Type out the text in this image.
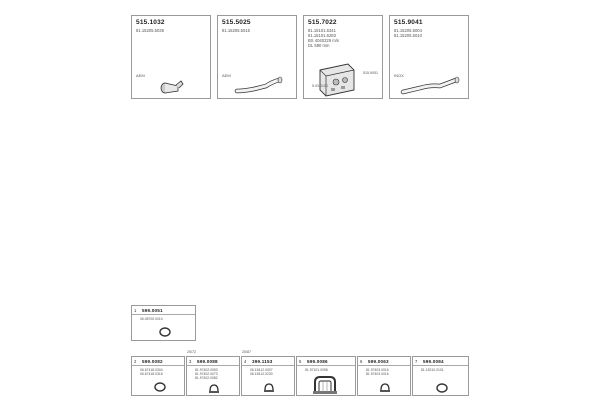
515.1032
81.15205.5039
AEM
515.5025
81.15205.5015
AEM
515.7022
81.15101.6341
81.15101.6283
BS 4040229 m/s
DL 590 mm
515.9051
5.03.0100
515.9041
81.15205.5004
81.15205.5010
INOX
1 599.0051
06.08700.0010
2 599.0082
06.67418.0304
06.67418.0316
25/72
3 599.0088
81.97402.0053
81.97402.0073
81.97402.0082
25/87
4 399.1153
06.15412.0007
06.15412.0230
5 599.0086
81.97101.0098
6 599.0063
81.97403.0016
81.97403.0016
7 599.0084
81.15210.0101
